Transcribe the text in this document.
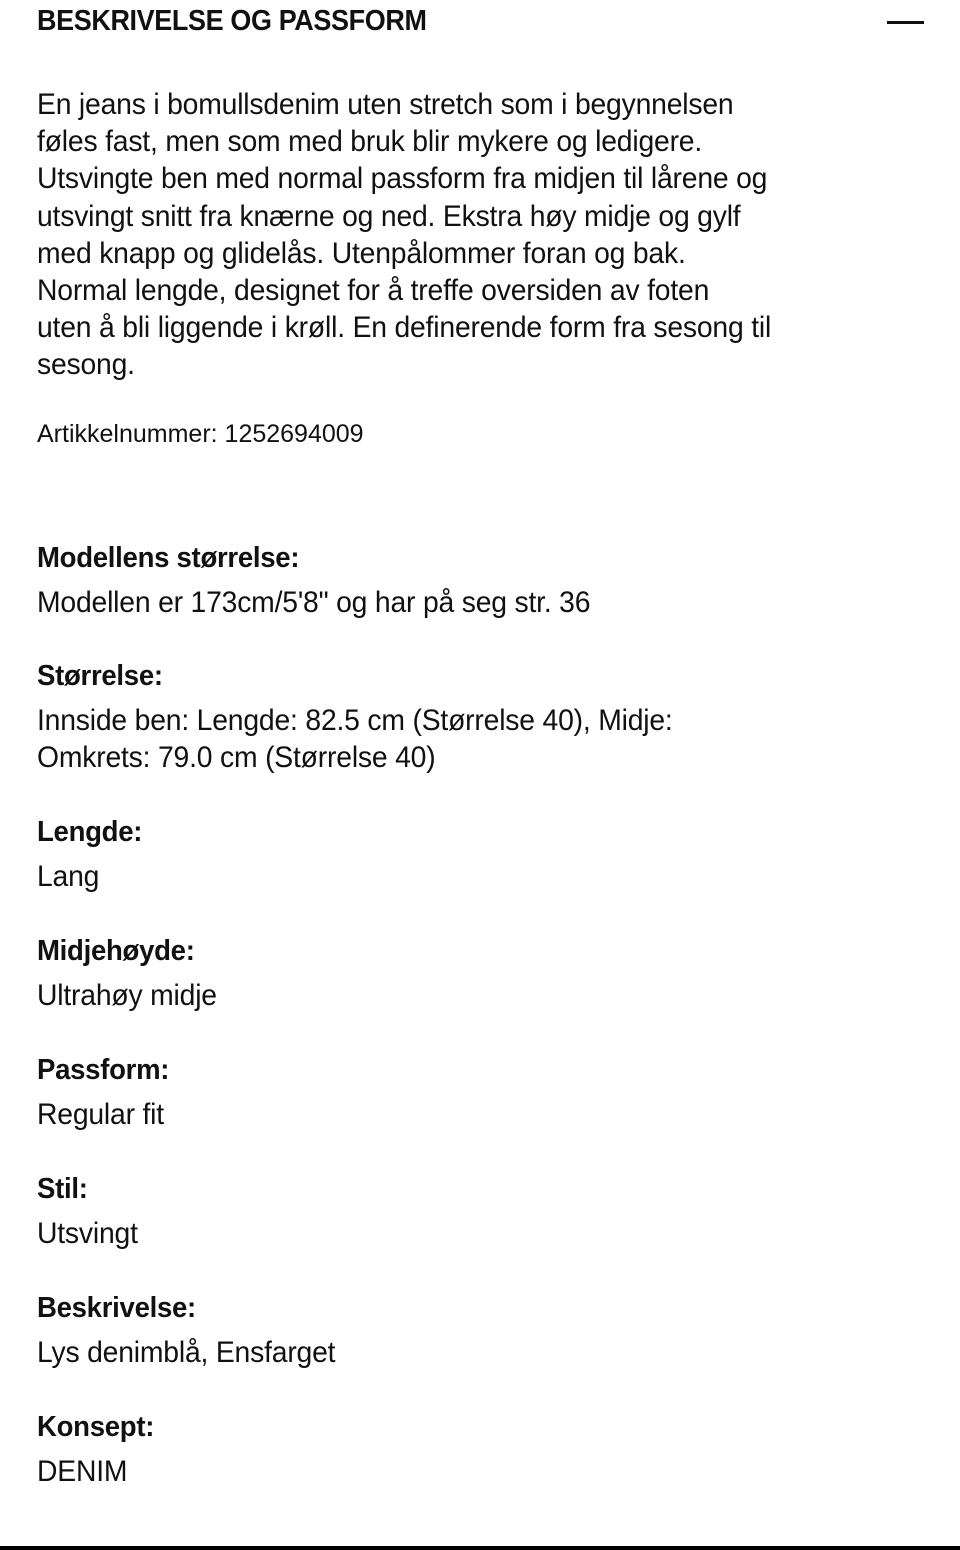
BESKRIVELSE OG PASSFORM
En jeans i bomullsdenim uten stretch som i begynnelsen
føles fast, men som med bruk blir mykere og ledigere.
Utsvingte ben med normal passform fra midjen til lårene og
utsvingt snitt fra knærne og ned. Ekstra høy midje og gylf
med knapp og glidelås. Utenpålommer foran og bak.
Normal lengde, designet for å treffe oversiden av foten
uten å bli liggende i krøll. En definerende form fra sesong til
sesong.
Artikkelnummer: 1252694009
Modellens størrelse:
Modellen er 173cm/5'8" og har på seg str. 36
Størrelse:
Innside ben: Lengde: 82.5 cm (Størrelse 40), Midje:
Omkrets: 79.0 cm (Størrelse 40)
Lengde:
Lang
Midjehøyde:
Ultrahøy midje
Passform:
Regular fit
Stil:
Utsvingt
Beskrivelse:
Lys denimblå, Ensfarget
Konsept:
DENIM
